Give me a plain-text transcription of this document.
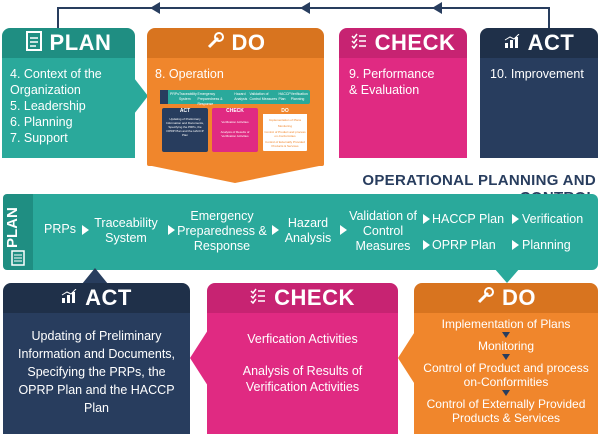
PLAN
4. Context of the Organization
5. Leadership
6. Planning
7. Support
DO
8. Operation
PRPs Traceability System
Emergency Preparedness & Response
Hazard Analysis
Validation of Control Measures
HACCP Plan
Verification Planning
ACT
Updating of Preliminary Information and Documents, Specifying the PRPs, the OPRP Plan and the HACCP Plan
CHECK
Verification Activities
Analysis of Results of Verification Activities
DO
Implementation of Plans
Monitoring
Control of Product and process on-Conformities
Control of Externally Provided Products & Services
CHECK
9. Performance & Evaluation
ACT
10. Improvement
OPERATIONAL PLANNING AND
PLAN	PRPs	Traceability System
Emergency Preparedness & Response
Hazard Analysis
Validation of Control Measures
HACCP Plan Verification
OPRP Plan	Planning
ACT
Updating of Preliminary Information and Documents, Specifying the PRPs, the OPRP Plan and the HACCP Plan
CHECK
Verfication Activities
Analysis of Results of Verification Activities
DO
Implementation of Plans
Monitoring
Control of Product and process on-Conformities
Control of Externally Provided Products & Services
